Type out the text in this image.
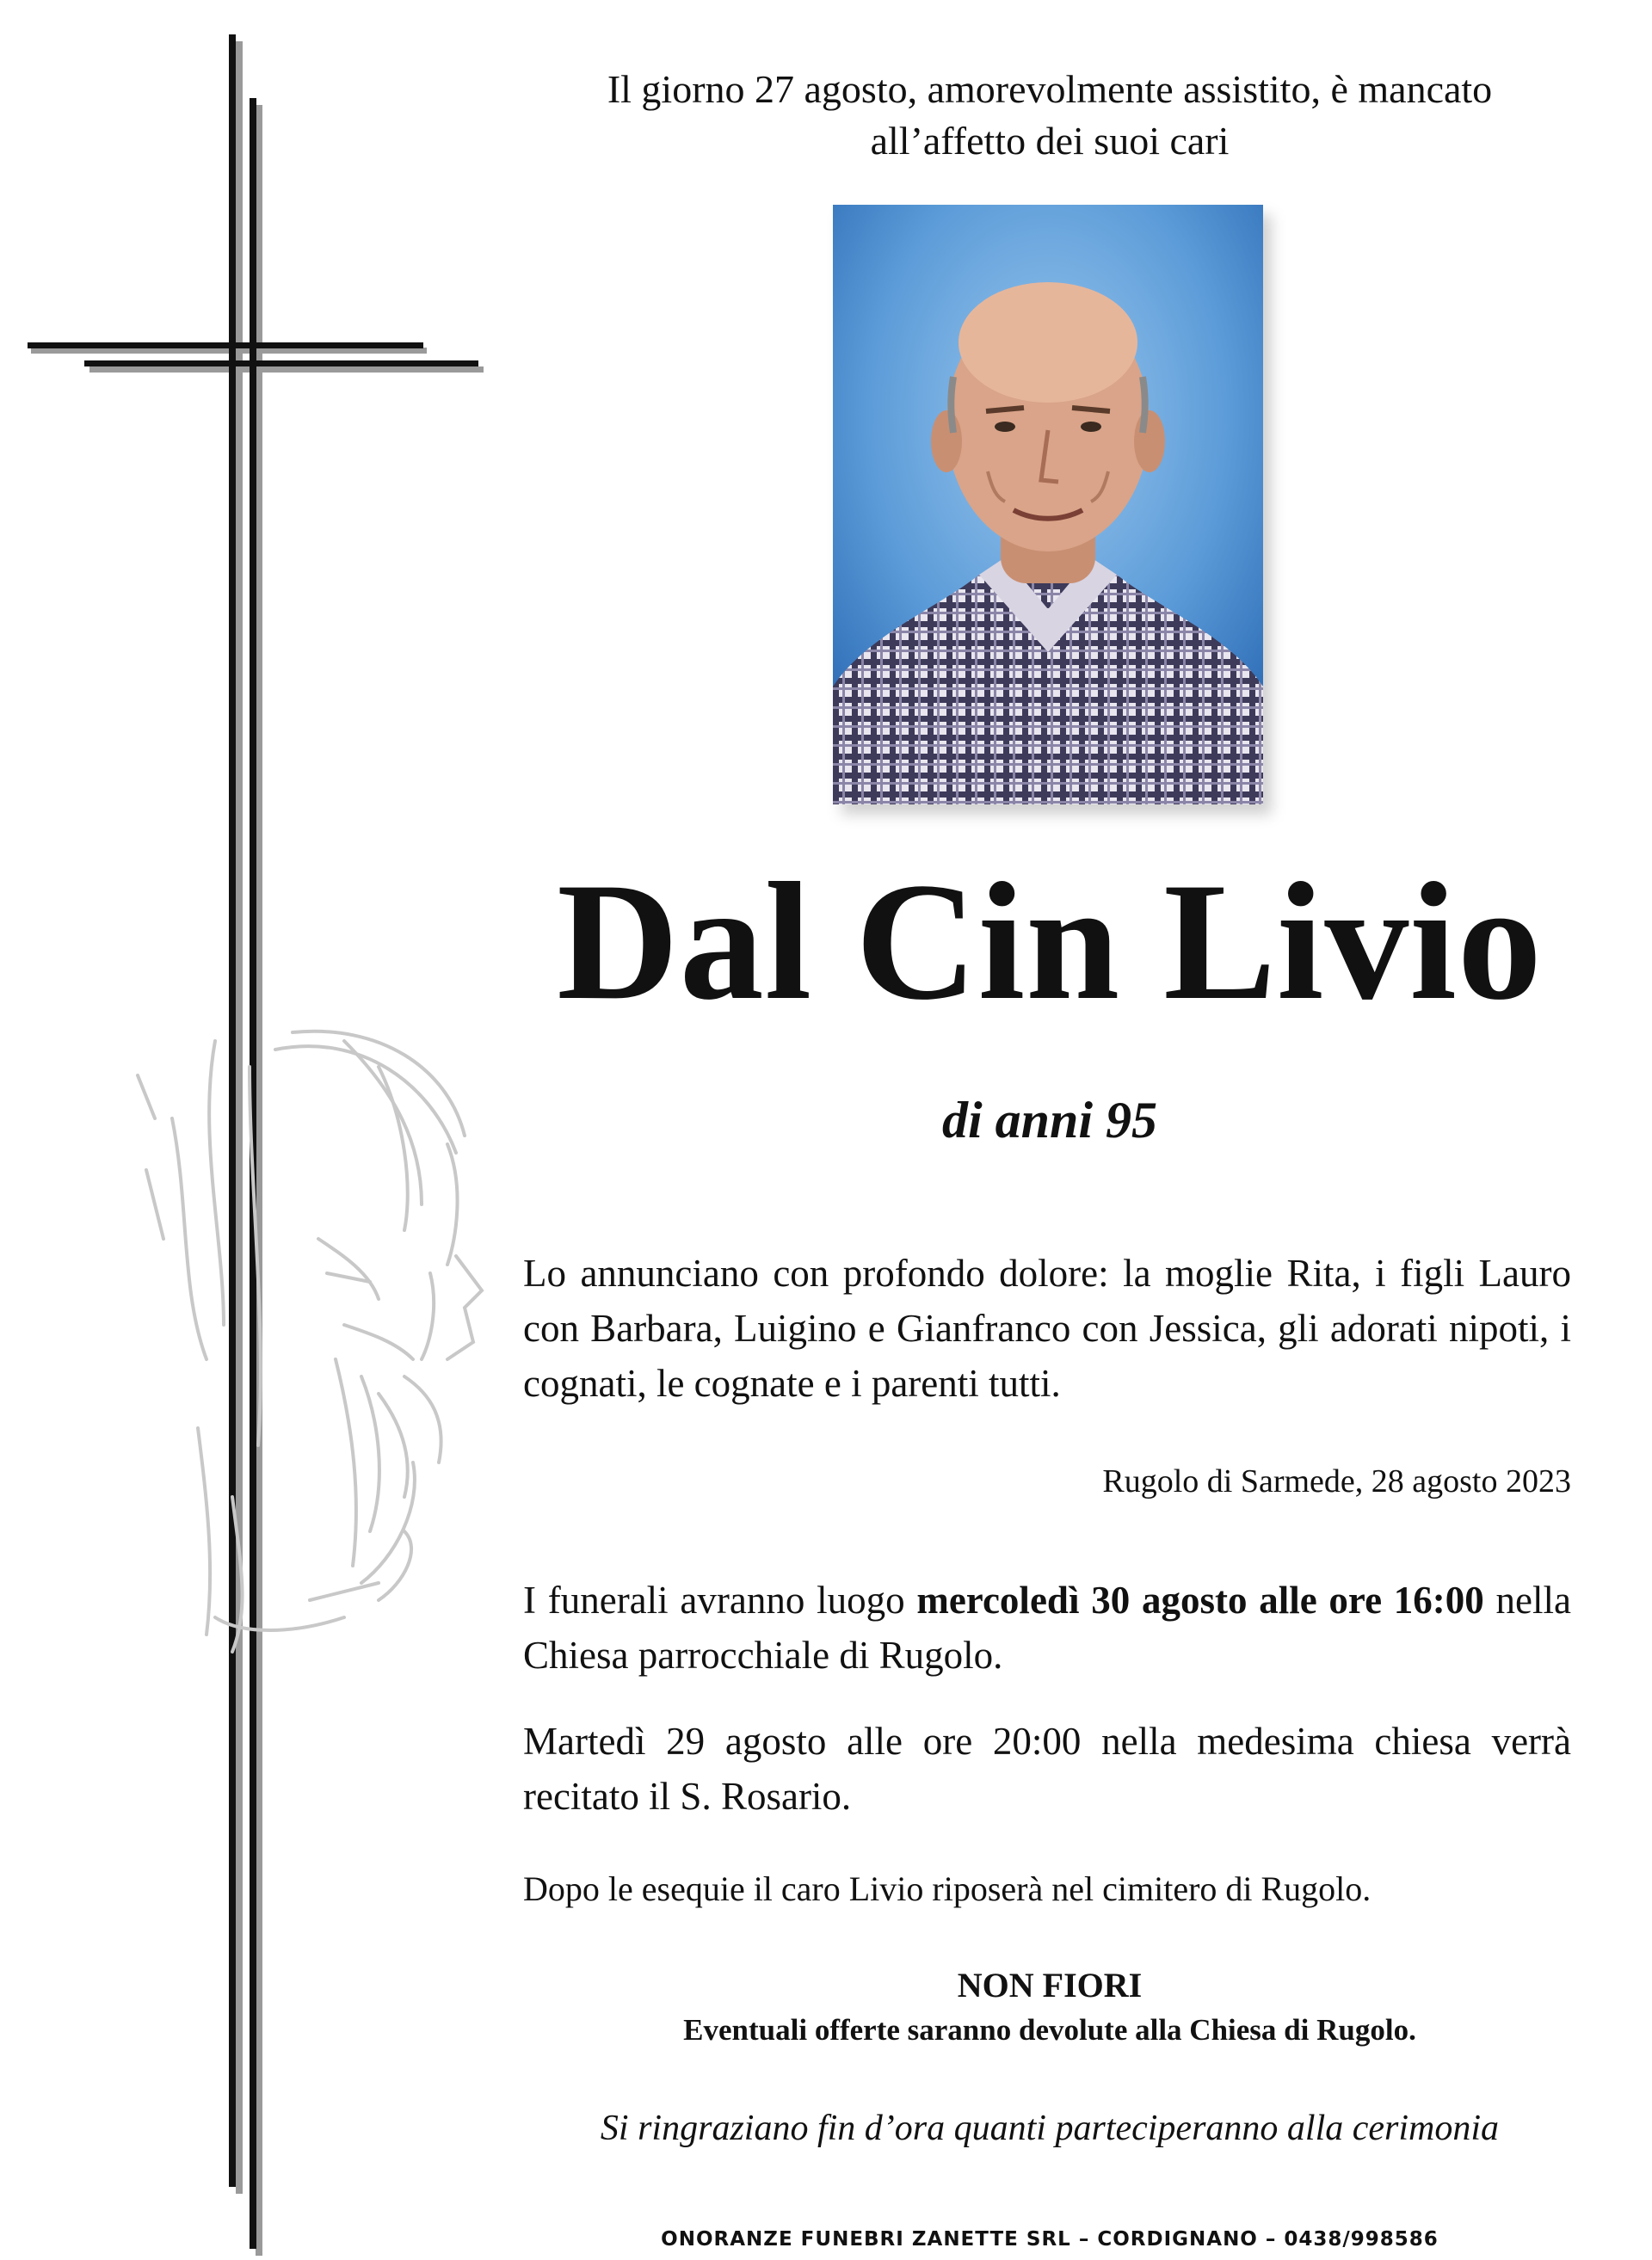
Il giorno 27 agosto, amorevolmente assistito, è mancato
all’affetto dei suoi cari
Dal Cin Livio
di anni 95
Lo annunciano con profondo dolore: la moglie Rita, i figli Lauro con Barbara, Luigino e Gianfranco con Jessica, gli adorati nipoti, i cognati, le cognate e i parenti tutti.
Rugolo di Sarmede, 28 agosto 2023
I funerali avranno luogo mercoledì 30 agosto alle ore 16:00 nella Chiesa parrocchiale di Rugolo.
Martedì 29 agosto alle ore 20:00 nella medesima chiesa verrà recitato il S. Rosario.
Dopo le esequie il caro Livio riposerà nel cimitero di Rugolo.
NON FIORI
Eventuali offerte saranno devolute alla Chiesa di Rugolo.
Si ringraziano fin d’ora quanti parteciperanno alla cerimonia
ONORANZE FUNEBRI ZANETTE SRL – CORDIGNANO – 0438/998586
